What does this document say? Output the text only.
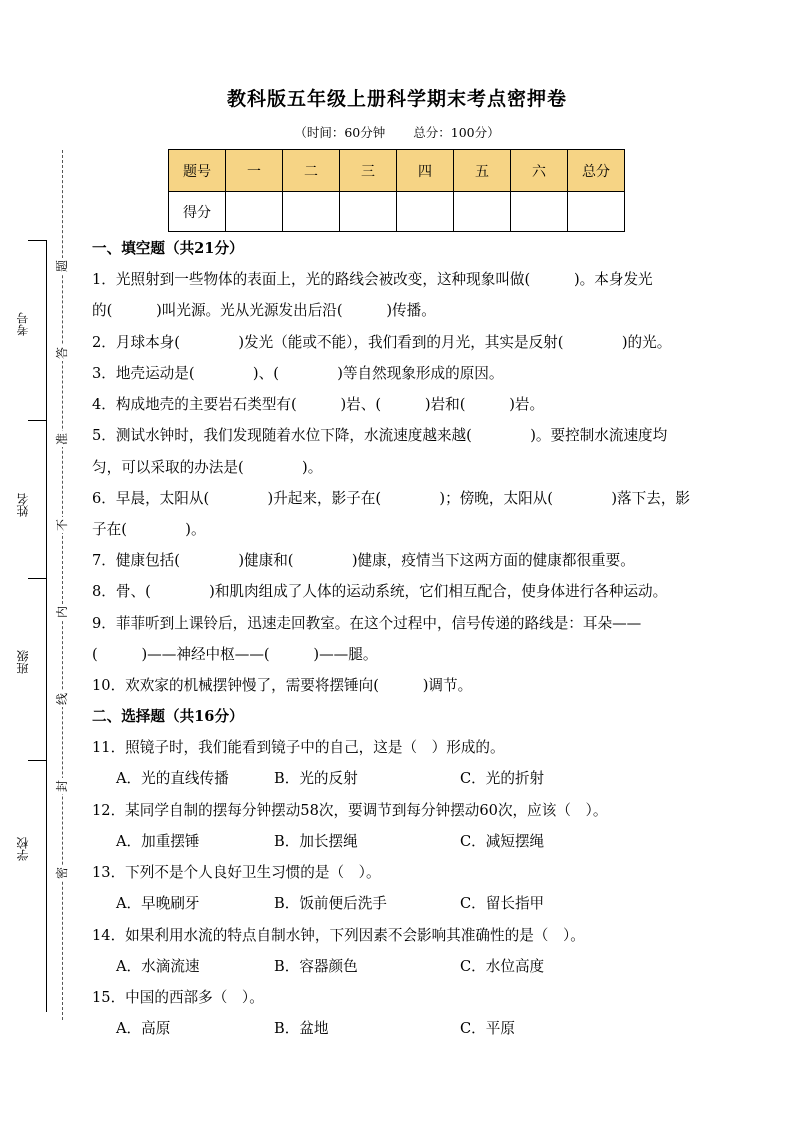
考号
姓名
班级
学校
题
答
准
不
内
线
封
密
教科版五年级上册科学期末考点密押卷
（时间：60分钟 总分：100分）
题号	一	二	三	四	五	六	总分
得分							
一、填空题（共21分）
1．光照射到一些物体的表面上，光的路线会被改变，这种现象叫做(　　　)。本身发光
的(　　　)叫光源。光从光源发出后沿(　　　)传播。
2．月球本身(　　　　)发光（能或不能），我们看到的月光，其实是反射(　　　　)的光。
3．地壳运动是(　　　　)、(　　　　)等自然现象形成的原因。
4．构成地壳的主要岩石类型有(　　　)岩、(　　　)岩和(　　　)岩。
5．测试水钟时，我们发现随着水位下降，水流速度越来越(　　　　)。要控制水流速度均
匀，可以采取的办法是(　　　　)。
6．早晨，太阳从(　　　　)升起来，影子在(　　　　)；傍晚，太阳从(　　　　)落下去，影
子在(　　　　)。
7．健康包括(　　　　)健康和(　　　　)健康，疫情当下这两方面的健康都很重要。
8．骨、(　　　　)和肌肉组成了人体的运动系统，它们相互配合，使身体进行各种运动。
9．菲菲听到上课铃后，迅速走回教室。在这个过程中，信号传递的路线是：耳朵——
(　　　)——神经中枢——(　　　)——腿。
10．欢欢家的机械摆钟慢了，需要将摆锤向(　　　)调节。
二、选择题（共16分）
11．照镜子时，我们能看到镜子中的自己，这是（　）形成的。
A．光的直线传播	B．光的反射	C．光的折射
12．某同学自制的摆每分钟摆动58次，要调节到每分钟摆动60次，应该（　）。
A．加重摆锤	B．加长摆绳	C．减短摆绳
13．下列不是个人良好卫生习惯的是（　）。
A．早晚刷牙	B．饭前便后洗手	C．留长指甲
14．如果利用水流的特点自制水钟，下列因素不会影响其准确性的是（　）。
A．水滴流速	B．容器颜色	C．水位高度
15．中国的西部多（　）。
A．高原	B．盆地	C．平原
